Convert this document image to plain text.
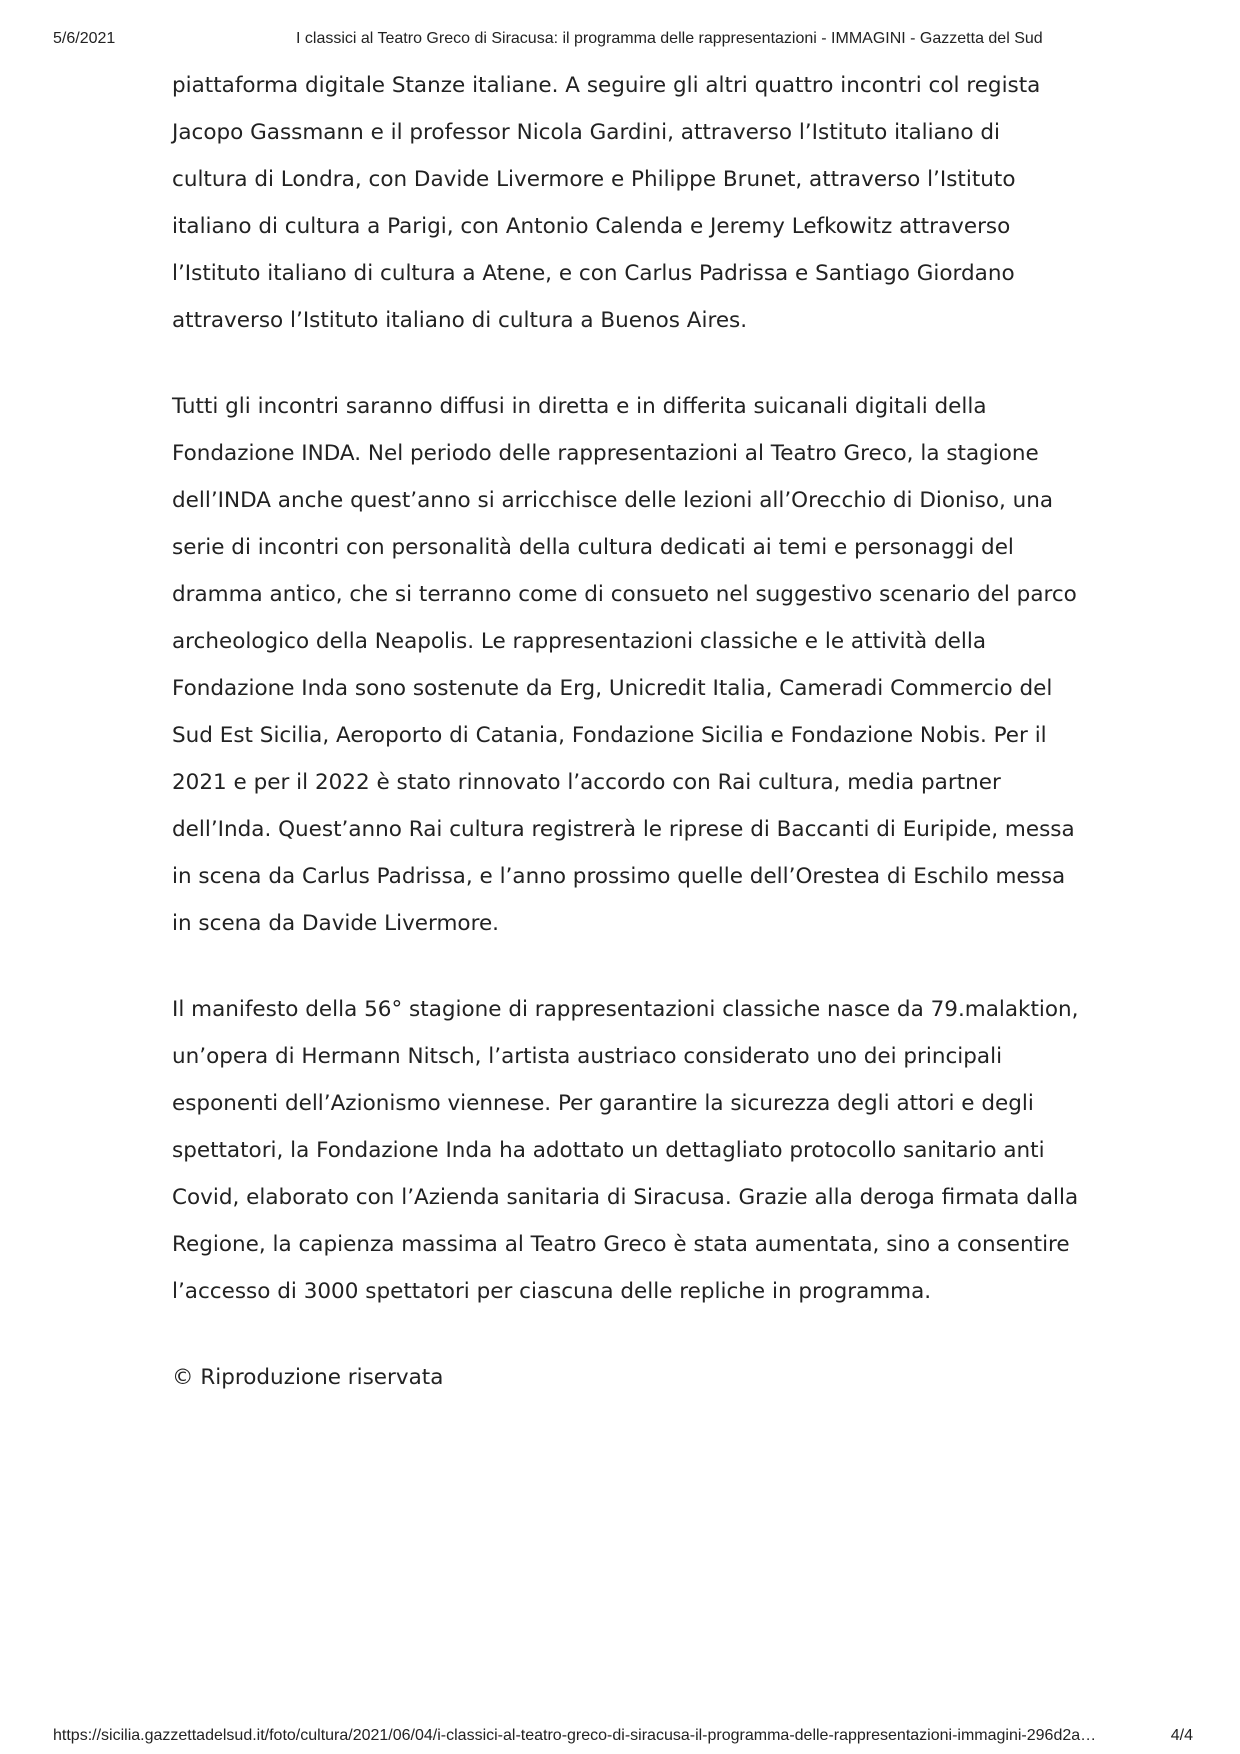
5/6/2021	I classici al Teatro Greco di Siracusa: il programma delle rappresentazioni - IMMAGINI - Gazzetta del Sud

piattaforma digitale Stanze italiane. A seguire gli altri quattro incontri col regista Jacopo Gassmann e il professor Nicola Gardini, attraverso l’Istituto italiano di cultura di Londra, con Davide Livermore e Philippe Brunet, attraverso l’Istituto italiano di cultura a Parigi, con Antonio Calenda e Jeremy Lefkowitz attraverso l’Istituto italiano di cultura a Atene, e con Carlus Padrissa e Santiago Giordano attraverso l’Istituto italiano di cultura a Buenos Aires.

Tutti gli incontri saranno diffusi in diretta e in differita suicanali digitali della Fondazione INDA. Nel periodo delle rappresentazioni al Teatro Greco, la stagione dell’INDA anche quest’anno si arricchisce delle lezioni all’Orecchio di Dioniso, una serie di incontri con personalità della cultura dedicati ai temi e personaggi del dramma antico, che si terranno come di consueto nel suggestivo scenario del parco archeologico della Neapolis. Le rappresentazioni classiche e le attività della Fondazione Inda sono sostenute da Erg, Unicredit Italia, Cameradi Commercio del Sud Est Sicilia, Aeroporto di Catania, Fondazione Sicilia e Fondazione Nobis. Per il 2021 e per il 2022 è stato rinnovato l’accordo con Rai cultura, media partner dell’Inda. Quest’anno Rai cultura registrerà le riprese di Baccanti di Euripide, messa in scena da Carlus Padrissa, e l’anno prossimo quelle dell’Orestea di Eschilo messa in scena da Davide Livermore.

Il manifesto della 56° stagione di rappresentazioni classiche nasce da 79.malaktion, un’opera di Hermann Nitsch, l’artista austriaco considerato uno dei principali esponenti dell’Azionismo viennese. Per garantire la sicurezza degli attori e degli spettatori, la Fondazione Inda ha adottato un dettagliato protocollo sanitario anti Covid, elaborato con l’Azienda sanitaria di Siracusa. Grazie alla deroga firmata dalla Regione, la capienza massima al Teatro Greco è stata aumentata, sino a consentire l’accesso di 3000 spettatori per ciascuna delle repliche in programma.

© Riproduzione riservata

https://sicilia.gazzettadelsud.it/foto/cultura/2021/06/04/i-classici-al-teatro-greco-di-siracusa-il-programma-delle-rappresentazioni-immagini-296d2a…	4/4
